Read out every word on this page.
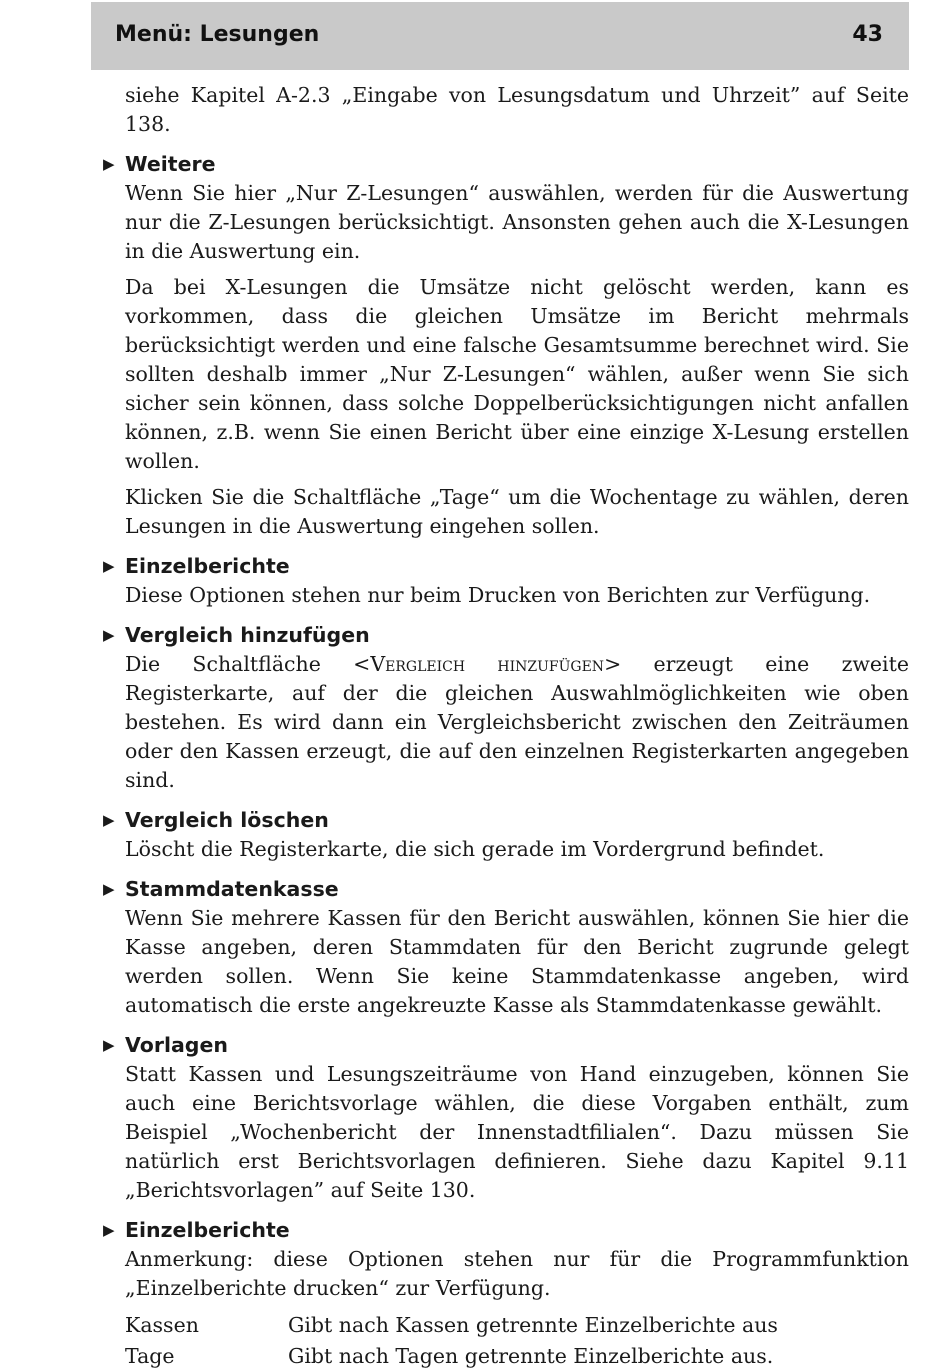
Menü: Lesungen	43

siehe Kapitel A-2.3 „Eingabe von Lesungsdatum und Uhrzeit” auf Seite 138.

▶ Weitere

Wenn Sie hier „Nur Z-Lesungen“ auswählen, werden für die Auswertung nur die Z-Lesungen berücksichtigt. Ansonsten gehen auch die X-Lesungen in die Auswertung ein.

Da bei X-Lesungen die Umsätze nicht gelöscht werden, kann es vorkommen, dass die gleichen Umsätze im Bericht mehrmals berücksichtigt werden und eine falsche Gesamtsumme berechnet wird. Sie sollten deshalb immer „Nur Z-Lesungen“ wählen, außer wenn Sie sich sicher sein können, dass solche Doppelberücksichtigungen nicht anfallen können, z.B. wenn Sie einen Bericht über eine einzige X-Lesung erstellen wollen.

Klicken Sie die Schaltfläche „Tage“ um die Wochentage zu wählen, deren Lesungen in die Auswertung eingehen sollen.

▶ Einzelberichte

Diese Optionen stehen nur beim Drucken von Berichten zur Verfügung.

▶ Vergleich hinzufügen

Die Schaltfläche <Vergleich hinzufügen> erzeugt eine zweite Registerkarte, auf der die gleichen Auswahlmöglichkeiten wie oben bestehen. Es wird dann ein Vergleichsbericht zwischen den Zeiträumen oder den Kassen erzeugt, die auf den einzelnen Registerkarten angegeben sind.

▶ Vergleich löschen

Löscht die Registerkarte, die sich gerade im Vordergrund befindet.

▶ Stammdatenkasse

Wenn Sie mehrere Kassen für den Bericht auswählen, können Sie hier die Kasse angeben, deren Stammdaten für den Bericht zugrunde gelegt werden sollen. Wenn Sie keine Stammdatenkasse angeben, wird automatisch die erste angekreuzte Kasse als Stammdatenkasse gewählt.

▶ Vorlagen

Statt Kassen und Lesungszeiträume von Hand einzugeben, können Sie auch eine Berichtsvorlage wählen, die diese Vorgaben enthält, zum Beispiel „Wochenbericht der Innenstadtfilialen“. Dazu müssen Sie natürlich erst Berichtsvorlagen definieren. Siehe dazu Kapitel 9.11 „Berichtsvorlagen” auf Seite 130.

▶ Einzelberichte

Anmerkung: diese Optionen stehen nur für die Programmfunktion „Einzelberichte drucken“ zur Verfügung.

Kassen	Gibt nach Kassen getrennte Einzelberichte aus
Tage	Gibt nach Tagen getrennte Einzelberichte aus.
